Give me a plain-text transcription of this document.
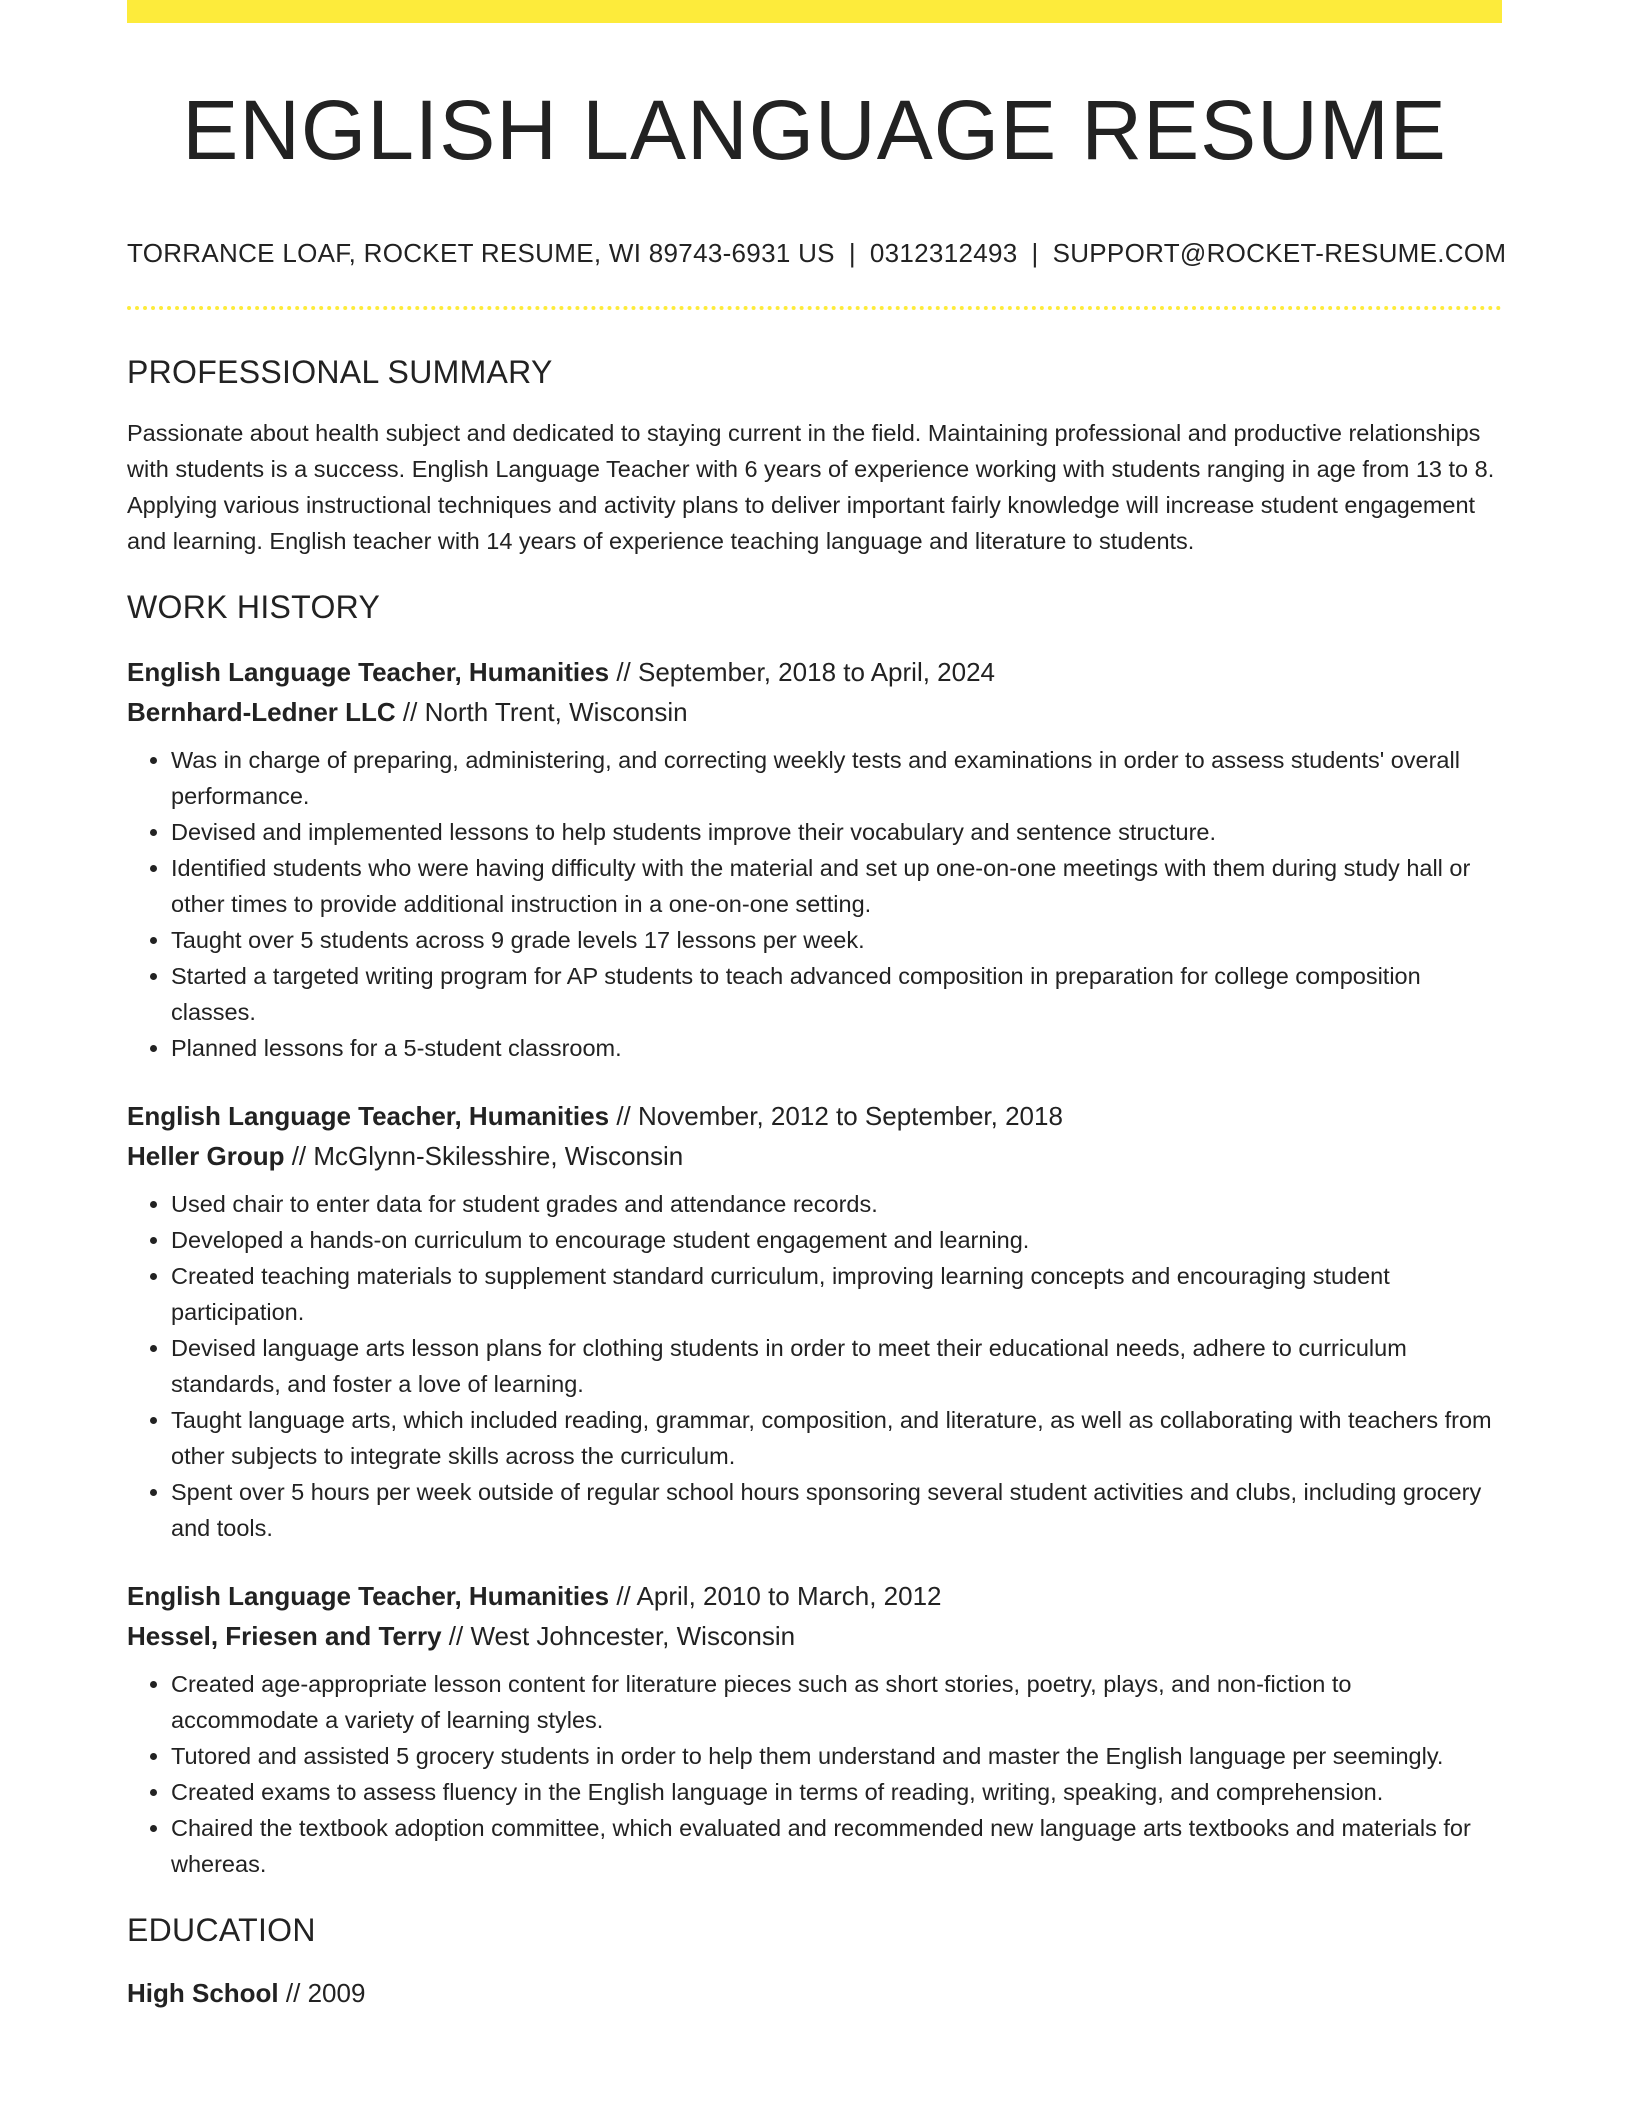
ENGLISH LANGUAGE RESUME
TORRANCE LOAF, ROCKET RESUME, WI 89743-6931 US | 0312312493 | SUPPORT@ROCKET-RESUME.COM
PROFESSIONAL SUMMARY

Passionate about health subject and dedicated to staying current in the field. Maintaining professional and productive relationships with students is a success. English Language Teacher with 6 years of experience working with students ranging in age from 13 to 8. Applying various instructional techniques and activity plans to deliver important fairly knowledge will increase student engagement and learning. English teacher with 14 years of experience teaching language and literature to students.

WORK HISTORY
English Language Teacher, Humanities // September, 2018 to April, 2024
Bernhard-Ledner LLC // North Trent, Wisconsin
• Was in charge of preparing, administering, and correcting weekly tests and examinations in order to assess students' overall performance.
• Devised and implemented lessons to help students improve their vocabulary and sentence structure.
• Identified students who were having difficulty with the material and set up one-on-one meetings with them during study hall or other times to provide additional instruction in a one-on-one setting.
• Taught over 5 students across 9 grade levels 17 lessons per week.
• Started a targeted writing program for AP students to teach advanced composition in preparation for college composition classes.
• Planned lessons for a 5-student classroom.
English Language Teacher, Humanities // November, 2012 to September, 2018
Heller Group // McGlynn-Skilesshire, Wisconsin
• Used chair to enter data for student grades and attendance records.
• Developed a hands-on curriculum to encourage student engagement and learning.
• Created teaching materials to supplement standard curriculum, improving learning concepts and encouraging student participation.
• Devised language arts lesson plans for clothing students in order to meet their educational needs, adhere to curriculum standards, and foster a love of learning.
• Taught language arts, which included reading, grammar, composition, and literature, as well as collaborating with teachers from other subjects to integrate skills across the curriculum.
• Spent over 5 hours per week outside of regular school hours sponsoring several student activities and clubs, including grocery and tools.
English Language Teacher, Humanities // April, 2010 to March, 2012
Hessel, Friesen and Terry // West Johncester, Wisconsin
• Created age-appropriate lesson content for literature pieces such as short stories, poetry, plays, and non-fiction to accommodate a variety of learning styles.
• Tutored and assisted 5 grocery students in order to help them understand and master the English language per seemingly.
• Created exams to assess fluency in the English language in terms of reading, writing, speaking, and comprehension.
• Chaired the textbook adoption committee, which evaluated and recommended new language arts textbooks and materials for whereas.
EDUCATION
High School // 2009
